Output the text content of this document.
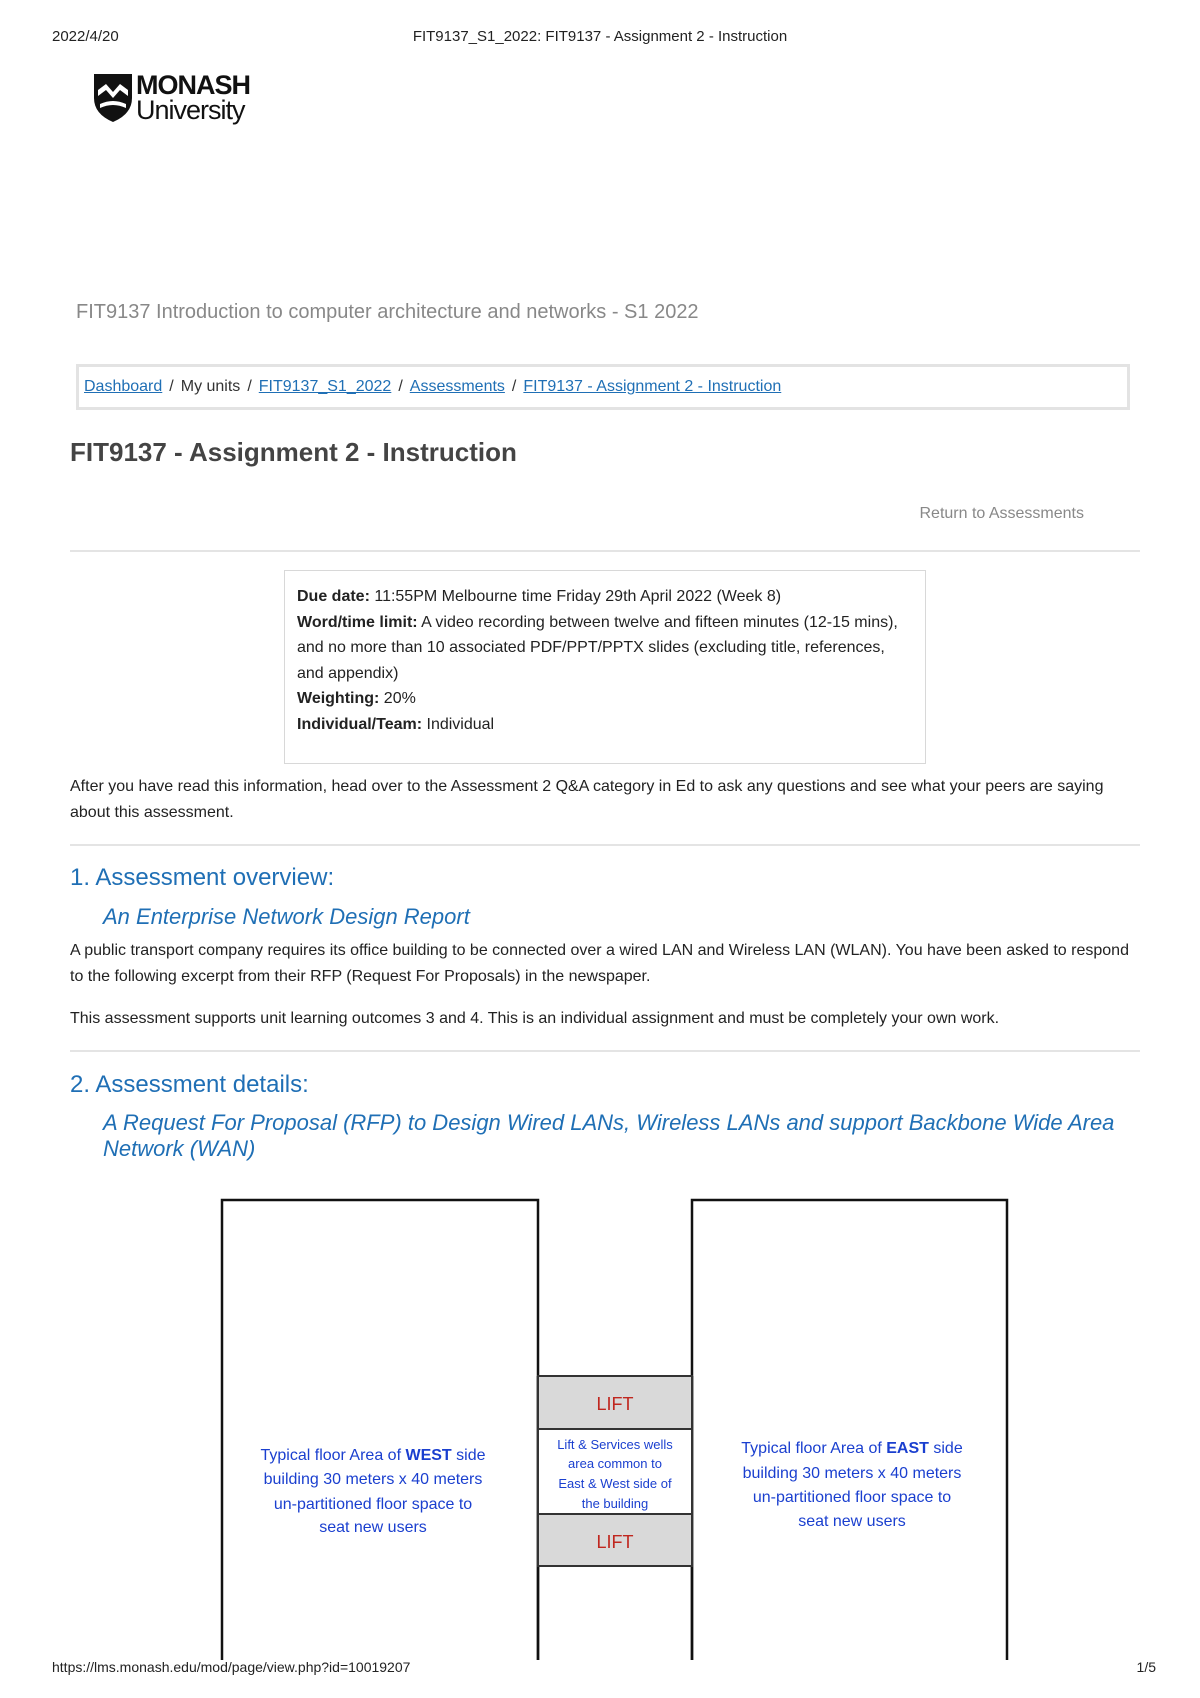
2022/4/20	FIT9137_S1_2022: FIT9137 - Assignment 2 - Instruction
MONASH
University
FIT9137 Introduction to computer architecture and networks - S1 2022
Dashboard / My units / FIT9137_S1_2022 / Assessments / FIT9137 - Assignment 2 - Instruction
FIT9137 - Assignment 2 - Instruction
Return to Assessments
Due date: 11:55PM Melbourne time Friday 29th April 2022 (Week 8)
Word/time limit: A video recording between twelve and fifteen minutes (12-15 mins), and no more than 10 associated PDF/PPT/PPTX slides (excluding title, references, and appendix)
Weighting: 20%
Individual/Team: Individual

After you have read this information, head over to the Assessment 2 Q&A category in Ed to ask any questions and see what your peers are saying about this assessment.

1. Assessment overview:
An Enterprise Network Design Report

A public transport company requires its office building to be connected over a wired LAN and Wireless LAN (WLAN). You have been asked to respond to the following excerpt from their RFP (Request For Proposals) in the newspaper.

This assessment supports unit learning outcomes 3 and 4. This is an individual assignment and must be completely your own work.

2. Assessment details:
A Request For Proposal (RFP) to Design Wired LANs, Wireless LANs and support Backbone Wide Area Network (WAN)
LIFT
Lift & Services wells
area common to
East & West side of
the building
LIFT
Typical floor Area of WEST side
building 30 meters x 40 meters
un-partitioned floor space to
seat new users
Typical floor Area of EAST side
building 30 meters x 40 meters
un-partitioned floor space to
seat new users
https://lms.monash.edu/mod/page/view.php?id=10019207	1/5
